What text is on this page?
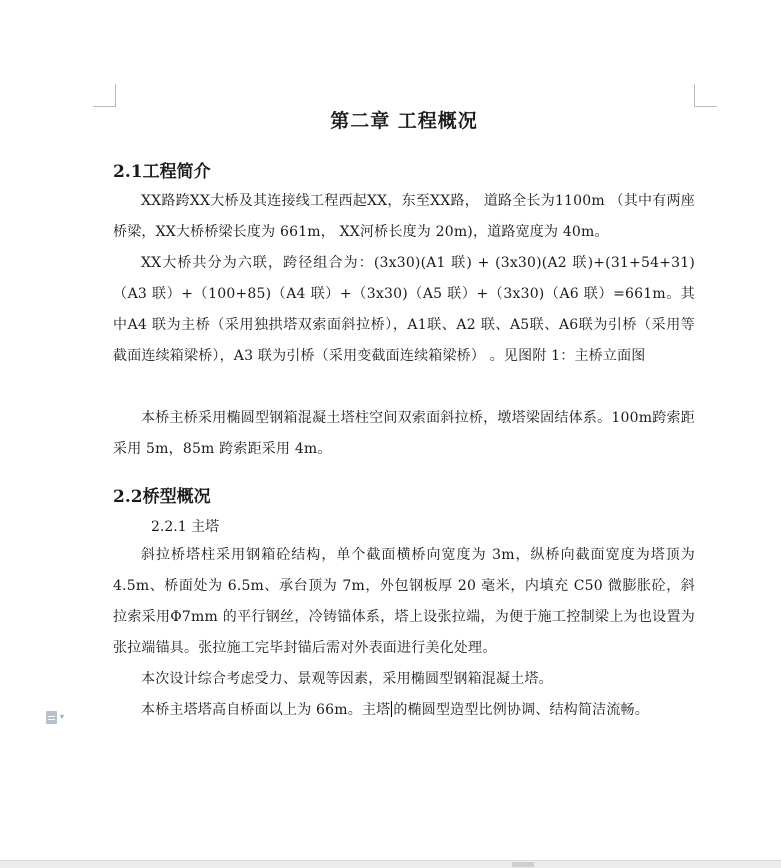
第二章 工程概况
2.1工程简介

XX路跨XX大桥及其连接线工程西起XX，东至XX路， 道路全长为1100m （其中有两座桥梁，XX大桥桥梁长度为 661m， XX河桥长度为 20m)，道路宽度为 40m。

XX大桥共分为六联，跨径组合为：(3x30)(A1 联) + (3x30)(A2 联)+(31+54+31)（A3 联）+（100+85)（A4 联）+（3x30)（A5 联）+（3x30)（A6 联）=661m。其中A4 联为主桥（采用独拱塔双索面斜拉桥），A1联、A2 联、A5联、A6联为引桥（采用等截面连续箱梁桥），A3 联为引桥（采用变截面连续箱梁桥） 。见图附 1：主桥立面图

本桥主桥采用椭圆型钢箱混凝土塔柱空间双索面斜拉桥，墩塔梁固结体系。100m跨索距采用 5m，85m 跨索距采用 4m。

2.2桥型概况
2.2.1 主塔

斜拉桥塔柱采用钢箱砼结构，单个截面横桥向宽度为 3m，纵桥向截面宽度为塔顶为 4.5m、桥面处为 6.5m、承台顶为 7m，外包钢板厚 20 毫米，内填充 C50 微膨胀砼，斜拉索采用Φ7mm 的平行钢丝，冷铸锚体系，塔上设张拉端，为便于施工控制梁上为也设置为张拉端锚具。张拉施工完毕封锚后需对外表面进行美化处理。

本次设计综合考虑受力、景观等因素，采用椭圆型钢箱混凝土塔。

本桥主塔塔高自桥面以上为 66m。主塔 的椭圆型造型比例协调、结构简洁流畅。

▾
